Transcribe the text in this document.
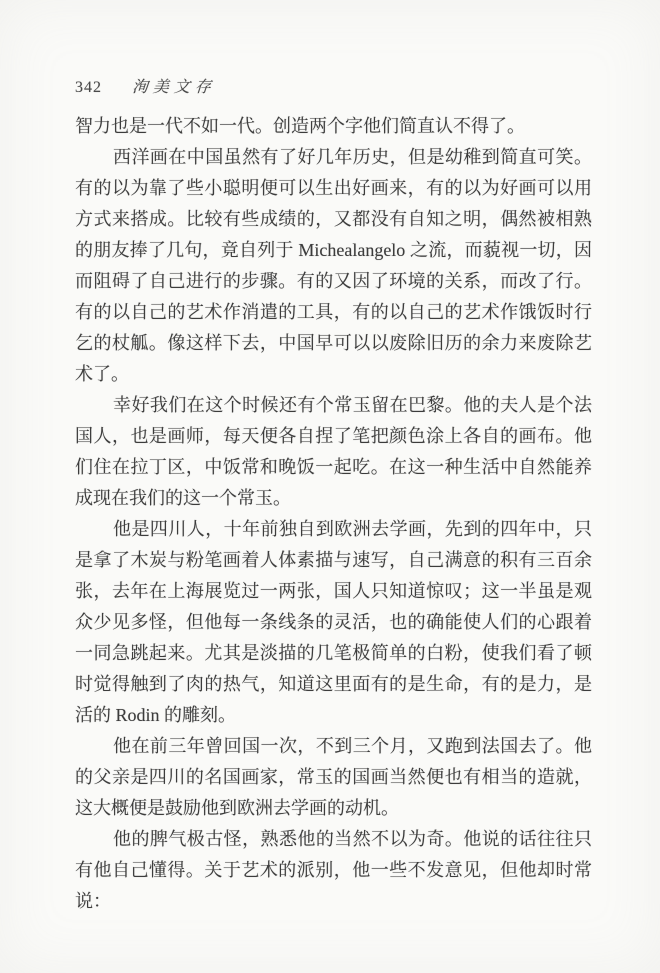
342 洵美文存
智力也是一代不如一代。创造两个字他们简直认不得了。
西洋画在中国虽然有了好几年历史，但是幼稚到简直可笑。
有的以为靠了些小聪明便可以生出好画来，有的以为好画可以用
方式来搭成。比较有些成绩的，又都没有自知之明，偶然被相熟
的朋友捧了几句，竟自列于 Michealangelo 之流，而藐视一切，因
而阻碍了自己进行的步骤。有的又因了环境的关系，而改了行。
有的以自己的艺术作消遣的工具，有的以自己的艺术作饿饭时行
乞的杖觚。像这样下去，中国早可以以废除旧历的余力来废除艺
术了。
幸好我们在这个时候还有个常玉留在巴黎。他的夫人是个法
国人，也是画师，每天便各自捏了笔把颜色涂上各自的画布。他
们住在拉丁区，中饭常和晚饭一起吃。在这一种生活中自然能养
成现在我们的这一个常玉。
他是四川人，十年前独自到欧洲去学画，先到的四年中，只
是拿了木炭与粉笔画着人体素描与速写，自己满意的积有三百余
张，去年在上海展览过一两张，国人只知道惊叹；这一半虽是观
众少见多怪，但他每一条线条的灵活，也的确能使人们的心跟着
一同急跳起来。尤其是淡描的几笔极简单的白粉，使我们看了顿
时觉得触到了肉的热气，知道这里面有的是生命，有的是力，是
活的 Rodin 的雕刻。
他在前三年曾回国一次，不到三个月，又跑到法国去了。他
的父亲是四川的名国画家，常玉的国画当然便也有相当的造就，
这大概便是鼓励他到欧洲去学画的动机。
他的脾气极古怪，熟悉他的当然不以为奇。他说的话往往只
有他自己懂得。关于艺术的派别，他一些不发意见，但他却时常
说：
